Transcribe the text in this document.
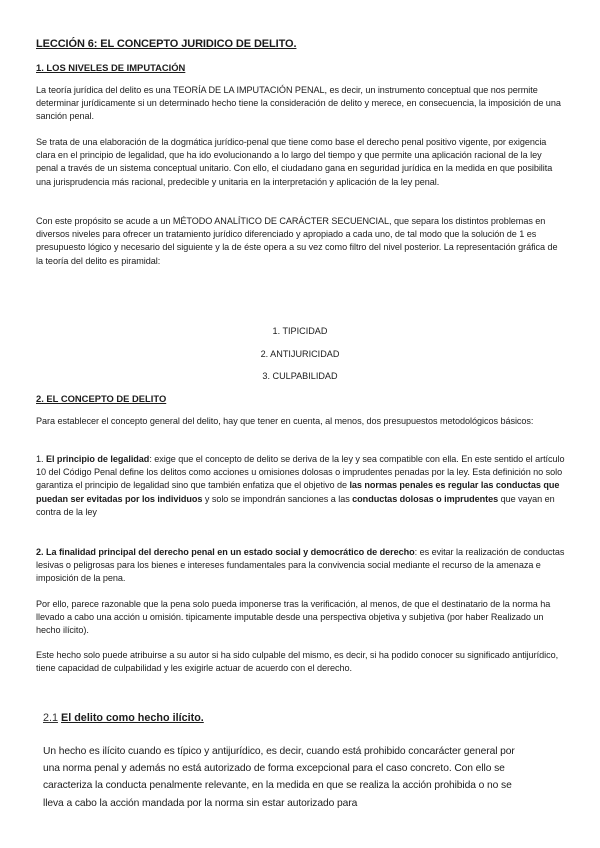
LECCIÓN 6: EL CONCEPTO JURIDICO DE DELITO.
1. LOS NIVELES DE IMPUTACIÓN
La teoría jurídica del delito es una TEORÍA DE LA IMPUTACIÓN PENAL, es decir, un instrumento conceptual que nos permite determinar jurídicamente si un determinado hecho tiene la consideración de delito y merece, en consecuencia, la imposición de una sanción penal.
Se trata de una elaboración de la dogmática jurídico-penal que tiene como base el derecho penal positivo vigente, por exigencia clara en el principio de legalidad, que ha ido evolucionando a lo largo del tiempo y que permite una aplicación racional de la ley penal a través de un sistema conceptual unitario. Con ello, el ciudadano gana en seguridad jurídica en la medida en que posibilita una jurisprudencia más racional, predecible y unitaria en la interpretación y aplicación de la ley penal.
Con este propósito se acude a un MÉTODO ANALÍTICO DE CARÁCTER SECUENCIAL, que separa los distintos problemas en diversos niveles para ofrecer un tratamiento jurídico diferenciado y apropiado a cada uno, de tal modo que la solución de 1 es presupuesto lógico y necesario del siguiente y la de éste opera a su vez como filtro del nivel posterior. La representación gráfica de la teoría del delito es piramidal:
1. TIPICIDAD
2. ANTIJURICIDAD
3. CULPABILIDAD
2. EL CONCEPTO DE DELITO
Para establecer el concepto general del delito, hay que tener en cuenta, al menos, dos presupuestos metodológicos básicos:
1. El principio de legalidad: exige que el concepto de delito se deriva de la ley y sea compatible con ella. En este sentido el artículo 10 del Código Penal define los delitos como acciones u omisiones dolosas o imprudentes penadas por la ley. Esta definición no solo garantiza el principio de legalidad sino que también enfatiza que el objetivo de las normas penales es regular las conductas que puedan ser evitadas por los individuos y solo se impondrán sanciones a las conductas dolosas o imprudentes que vayan en contra de la ley
2. La finalidad principal del derecho penal en un estado social y democrático de derecho: es evitar la realización de conductas lesivas o peligrosas para los bienes e intereses fundamentales para la convivencia social mediante el recurso de la amenaza e imposición de la pena.
Por ello, parece razonable que la pena solo pueda imponerse tras la verificación, al menos, de que el destinatario de la norma ha llevado a cabo una acción u omisión. tipicamente imputable desde una perspectiva objetiva y subjetiva (por haber Realizado un hecho ilícito).
Este hecho solo puede atribuirse a su autor si ha sido culpable del mismo, es decir, si ha podido conocer su significado antijurídico, tiene capacidad de culpabilidad y les exigirle actuar de acuerdo con el derecho.
2.1 El delito como hecho ilícito.
Un hecho es ilícito cuando es típico y antijurídico, es decir, cuando está prohibido concarácter general por una norma penal y además no está autorizado de forma excepcional para el caso concreto. Con ello se caracteriza la conducta penalmente relevante, en la medida en que se realiza la acción prohibida o no se lleva a cabo la acción mandada por la norma sin estar autorizado para
